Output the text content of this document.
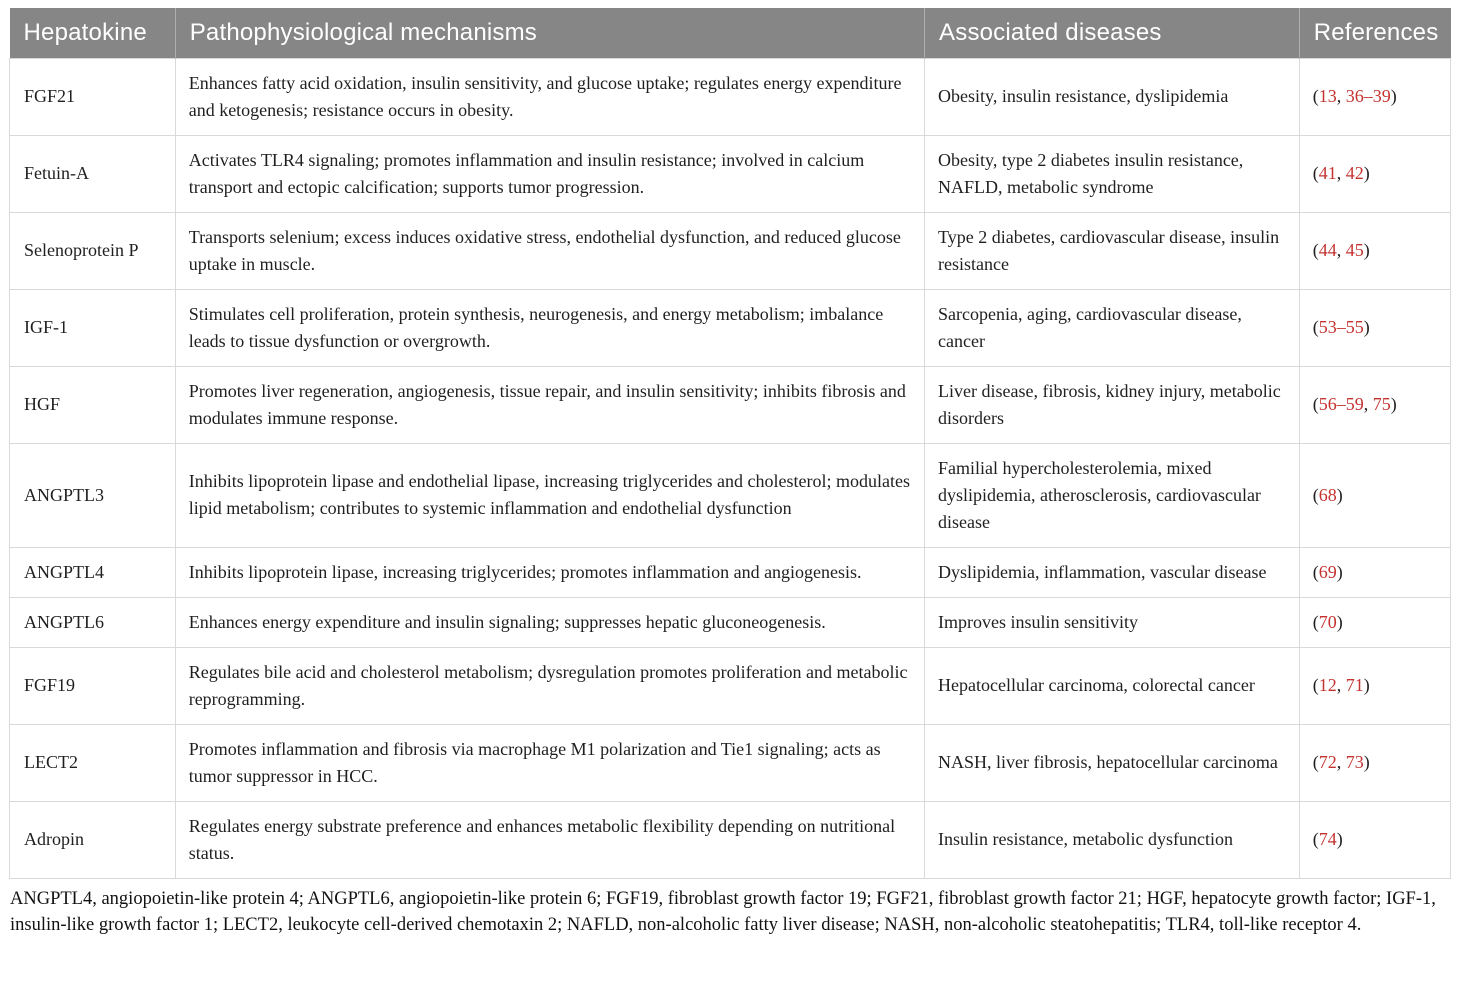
Hepatokine	Pathophysiological mechanisms	Associated diseases	References
FGF21	Enhances fatty acid oxidation, insulin sensitivity, and glucose uptake; regulates energy expenditure and ketogenesis; resistance occurs in obesity.	Obesity, insulin resistance, dyslipidemia	(13, 36–39)
Fetuin-A	Activates TLR4 signaling; promotes inflammation and insulin resistance; involved in calcium transport and ectopic calcification; supports tumor progression.	Obesity, type 2 diabetes insulin resistance, NAFLD, metabolic syndrome	(41, 42)
Selenoprotein P	Transports selenium; excess induces oxidative stress, endothelial dysfunction, and reduced glucose uptake in muscle.	Type 2 diabetes, cardiovascular disease, insulin resistance	(44, 45)
IGF-1	Stimulates cell proliferation, protein synthesis, neurogenesis, and energy metabolism; imbalance leads to tissue dysfunction or overgrowth.	Sarcopenia, aging, cardiovascular disease, cancer	(53–55)
HGF	Promotes liver regeneration, angiogenesis, tissue repair, and insulin sensitivity; inhibits fibrosis and modulates immune response.	Liver disease, fibrosis, kidney injury, metabolic disorders	(56–59, 75)
ANGPTL3	Inhibits lipoprotein lipase and endothelial lipase, increasing triglycerides and cholesterol; modulates lipid metabolism; contributes to systemic inflammation and endothelial dysfunction	Familial hypercholesterolemia, mixed dyslipidemia, atherosclerosis, cardiovascular disease	(68)
ANGPTL4	Inhibits lipoprotein lipase, increasing triglycerides; promotes inflammation and angiogenesis.	Dyslipidemia, inflammation, vascular disease	(69)
ANGPTL6	Enhances energy expenditure and insulin signaling; suppresses hepatic gluconeogenesis.	Improves insulin sensitivity	(70)
FGF19	Regulates bile acid and cholesterol metabolism; dysregulation promotes proliferation and metabolic reprogramming.	Hepatocellular carcinoma, colorectal cancer	(12, 71)
LECT2	Promotes inflammation and fibrosis via macrophage M1 polarization and Tie1 signaling; acts as tumor suppressor in HCC.	NASH, liver fibrosis, hepatocellular carcinoma	(72, 73)
Adropin	Regulates energy substrate preference and enhances metabolic flexibility depending on nutritional status.	Insulin resistance, metabolic dysfunction	(74)

ANGPTL4, angiopoietin-like protein 4; ANGPTL6, angiopoietin-like protein 6; FGF19, fibroblast growth factor 19; FGF21, fibroblast growth factor 21; HGF, hepatocyte growth factor; IGF-1, insulin-like growth factor 1; LECT2, leukocyte cell-derived chemotaxin 2; NAFLD, non-alcoholic fatty liver disease; NASH, non-alcoholic steatohepatitis; TLR4, toll-like receptor 4.
